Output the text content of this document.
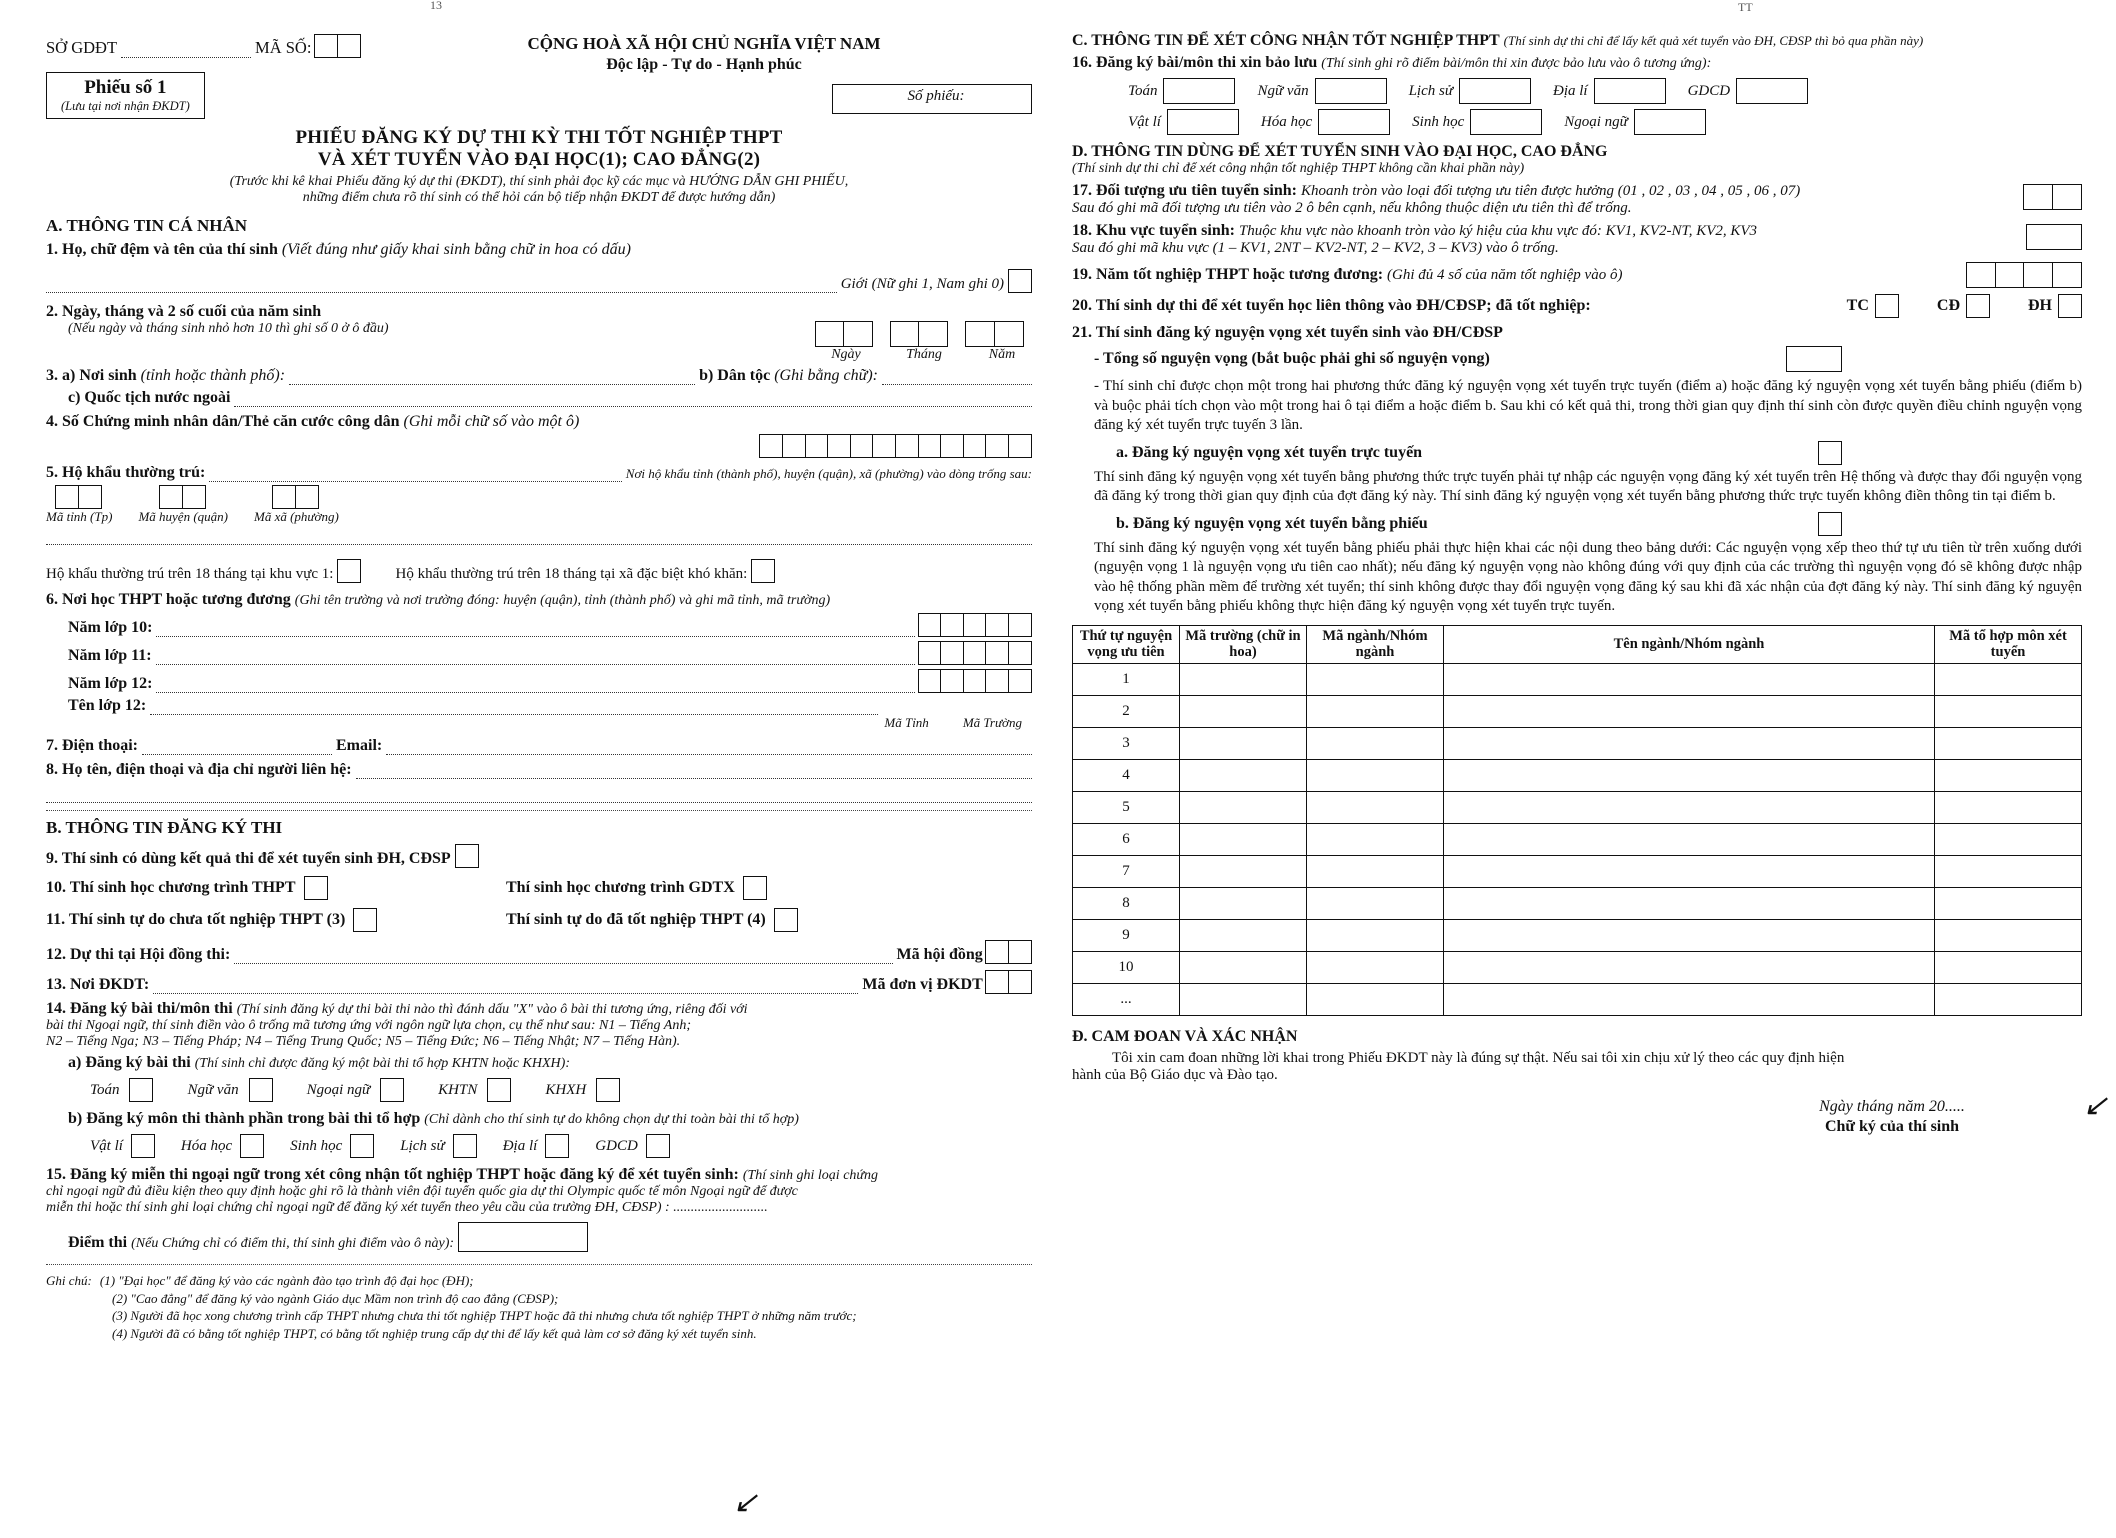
13
SỞ GDĐT	MÃ SỐ:
Phiếu số 1
(Lưu tại nơi nhận ĐKDT)
CỘNG HOÀ XÃ HỘI CHỦ NGHĨA VIỆT NAM
Độc lập - Tự do - Hạnh phúc
Số phiếu:
PHIẾU ĐĂNG KÝ DỰ THI KỲ THI TỐT NGHIỆP THPT
VÀ XÉT TUYỂN VÀO ĐẠI HỌC(1); CAO ĐẲNG(2)
(Trước khi kê khai Phiếu đăng ký dự thi (ĐKDT), thí sinh phải đọc kỹ các mục và HƯỚNG DẪN GHI PHIẾU,
những điểm chưa rõ thí sinh có thể hỏi cán bộ tiếp nhận ĐKDT để được hướng dẫn)
A. THÔNG TIN CÁ NHÂN
1. Họ, chữ đệm và tên của thí sinh (Viết đúng như giấy khai sinh bằng chữ in hoa có dấu)
Giới (Nữ ghi 1, Nam ghi 0)
2. Ngày, tháng và 2 số cuối của năm sinh
(Nếu ngày và tháng sinh nhỏ hơn 10 thì ghi số 0 ở ô đầu)
Ngày	Tháng	Năm
3. a) Nơi sinh (tỉnh hoặc thành phố):	b) Dân tộc (Ghi bằng chữ):
c) Quốc tịch nước ngoài
4. Số Chứng minh nhân dân/Thẻ căn cước công dân (Ghi mỗi chữ số vào một ô)
5. Hộ khẩu thường trú:	Nơi hộ khẩu tỉnh (thành phố), huyện (quận), xã (phường) vào dòng trống sau:
Mã tỉnh (Tp) Mã huyện (quận) Mã xã (phường)
Hộ khẩu thường trú trên 18 tháng tại khu vực 1:	Hộ khẩu thường trú trên 18 tháng tại xã đặc biệt khó khăn:
6. Nơi học THPT hoặc tương đương (Ghi tên trường và nơi trường đóng: huyện (quận), tỉnh (thành phố) và ghi mã tỉnh, mã trường)
Năm lớp 10:
Năm lớp 11:
Năm lớp 12:
Tên lớp 12:
Mã Tỉnh	Mã Trường
7. Điện thoại:	Email:
8. Họ tên, điện thoại và địa chỉ người liên hệ:
B. THÔNG TIN ĐĂNG KÝ THI
9. Thí sinh có dùng kết quả thi để xét tuyển sinh ĐH, CĐSP
10. Thí sinh học chương trình THPT	Thí sinh học chương trình GDTX
11. Thí sinh tự do chưa tốt nghiệp THPT (3)	Thí sinh tự do đã tốt nghiệp THPT (4)
12. Dự thi tại Hội đồng thi:	Mã hội đồng
13. Nơi ĐKDT:	Mã đơn vị ĐKDT
14. Đăng ký bài thi/môn thi (Thí sinh đăng ký dự thi bài thi nào thì đánh dấu "X" vào ô bài thi tương ứng, riêng đối với
bài thi Ngoại ngữ, thí sinh điền vào ô trống mã tương ứng với ngôn ngữ lựa chọn, cụ thể như sau: N1 – Tiếng Anh;
N2 – Tiếng Nga; N3 – Tiếng Pháp; N4 – Tiếng Trung Quốc; N5 – Tiếng Đức; N6 – Tiếng Nhật; N7 – Tiếng Hàn).
a) Đăng ký bài thi (Thí sinh chỉ được đăng ký một bài thi tổ hợp KHTN hoặc KHXH):
Toán	Ngữ văn	Ngoại ngữ	KHTN	KHXH
b) Đăng ký môn thi thành phần trong bài thi tổ hợp (Chỉ dành cho thí sinh tự do không chọn dự thi toàn bài thi tổ hợp)
Vật lí	Hóa học	Sinh học	Lịch sử	Địa lí	GDCD
15. Đăng ký miễn thi ngoại ngữ trong xét công nhận tốt nghiệp THPT hoặc đăng ký để xét tuyển sinh: (Thí sinh ghi loại chứng
chỉ ngoại ngữ đủ điều kiện theo quy định hoặc ghi rõ là thành viên đội tuyển quốc gia dự thi Olympic quốc tế môn Ngoại ngữ để được
miễn thi hoặc thí sinh ghi loại chứng chỉ ngoại ngữ để đăng ký xét tuyển theo yêu cầu của trường ĐH, CĐSP) : ...........................
Điểm thi (Nếu Chứng chỉ có điểm thi, thí sinh ghi điểm vào ô này):
Ghi chú: (1) "Đại học" để đăng ký vào các ngành đào tạo trình độ đại học (ĐH);
(2) "Cao đẳng" để đăng ký vào ngành Giáo dục Mầm non trình độ cao đẳng (CĐSP);
(3) Người đã học xong chương trình cấp THPT nhưng chưa thi tốt nghiệp THPT hoặc đã thi nhưng chưa tốt nghiệp THPT ở những năm trước;
(4) Người đã có bằng tốt nghiệp THPT, có bằng tốt nghiệp trung cấp dự thi để lấy kết quả làm cơ sở đăng ký xét tuyển sinh.
↙
TT
C. THÔNG TIN ĐỂ XÉT CÔNG NHẬN TỐT NGHIỆP THPT (Thí sinh dự thi chỉ để lấy kết quả xét tuyển vào ĐH, CĐSP thì bỏ qua phần này)
16. Đăng ký bài/môn thi xin bảo lưu (Thí sinh ghi rõ điểm bài/môn thi xin được bảo lưu vào ô tương ứng):
Toán	Ngữ văn	Lịch sử	Địa lí	GDCD
Vật lí	Hóa học	Sinh học	Ngoại ngữ
D. THÔNG TIN DÙNG ĐỂ XÉT TUYỂN SINH VÀO ĐẠI HỌC, CAO ĐẲNG
(Thí sinh dự thi chỉ để xét công nhận tốt nghiệp THPT không cần khai phần này)
17. Đối tượng ưu tiên tuyển sinh: Khoanh tròn vào loại đối tượng ưu tiên được hưởng (01 , 02 , 03 , 04 , 05 , 06 , 07)
Sau đó ghi mã đối tượng ưu tiên vào 2 ô bên cạnh, nếu không thuộc diện ưu tiên thì để trống.
18. Khu vực tuyển sinh: Thuộc khu vực nào khoanh tròn vào ký hiệu của khu vực đó: KV1, KV2-NT, KV2, KV3
Sau đó ghi mã khu vực (1 – KV1, 2NT – KV2-NT, 2 – KV2, 3 – KV3) vào ô trống.
19. Năm tốt nghiệp THPT hoặc tương đương: (Ghi đủ 4 số của năm tốt nghiệp vào ô)
20. Thí sinh dự thi để xét tuyển học liên thông vào ĐH/CĐSP; đã tốt nghiệp:	TC	CĐ	ĐH
21. Thí sinh đăng ký nguyện vọng xét tuyển sinh vào ĐH/CĐSP
- Tổng số nguyện vọng (bắt buộc phải ghi số nguyện vọng)
- Thí sinh chỉ được chọn một trong hai phương thức đăng ký nguyện vọng xét tuyển trực tuyến (điểm a) hoặc đăng ký nguyện vọng xét tuyển bằng phiếu (điểm b) và buộc phải tích chọn vào một trong hai ô tại điểm a hoặc điểm b. Sau khi có kết quả thi, trong thời gian quy định thí sinh còn được quyền điều chỉnh nguyện vọng đăng ký xét tuyển trực tuyến 3 lần.
a. Đăng ký nguyện vọng xét tuyển trực tuyến
Thí sinh đăng ký nguyện vọng xét tuyển bằng phương thức trực tuyến phải tự nhập các nguyện vọng đăng ký xét tuyển trên Hệ thống và được thay đổi nguyện vọng đã đăng ký trong thời gian quy định của đợt đăng ký này. Thí sinh đăng ký nguyện vọng xét tuyển bằng phương thức trực tuyến không điền thông tin tại điểm b.
b. Đăng ký nguyện vọng xét tuyển bằng phiếu
Thí sinh đăng ký nguyện vọng xét tuyển bằng phiếu phải thực hiện khai các nội dung theo bảng dưới: Các nguyện vọng xếp theo thứ tự ưu tiên từ trên xuống dưới (nguyện vọng 1 là nguyện vọng ưu tiên cao nhất); nếu đăng ký nguyện vọng nào không đúng với quy định của các trường thì nguyện vọng đó sẽ không được nhập vào hệ thống phần mềm để trường xét tuyển; thí sinh không được thay đổi nguyện vọng đăng ký sau khi đã xác nhận của đợt đăng ký này. Thí sinh đăng ký nguyện vọng xét tuyển bằng phiếu không thực hiện đăng ký nguyện vọng xét tuyển trực tuyến.
Thứ tự nguyện vọng ưu tiên	Mã trường (chữ in hoa)	Mã ngành/Nhóm ngành	Tên ngành/Nhóm ngành	Mã tổ hợp môn xét tuyển
1				
2				
3				
4				
5				
6				
7				
8				
9				
10				
...				
Đ. CAM ĐOAN VÀ XÁC NHẬN
Tôi xin cam đoan những lời khai trong Phiếu ĐKDT này là đúng sự thật. Nếu sai tôi xin chịu xử lý theo các quy định hiện
hành của Bộ Giáo dục và Đào tạo.
Ngày tháng năm 20.....
Chữ ký của thí sinh
↙
